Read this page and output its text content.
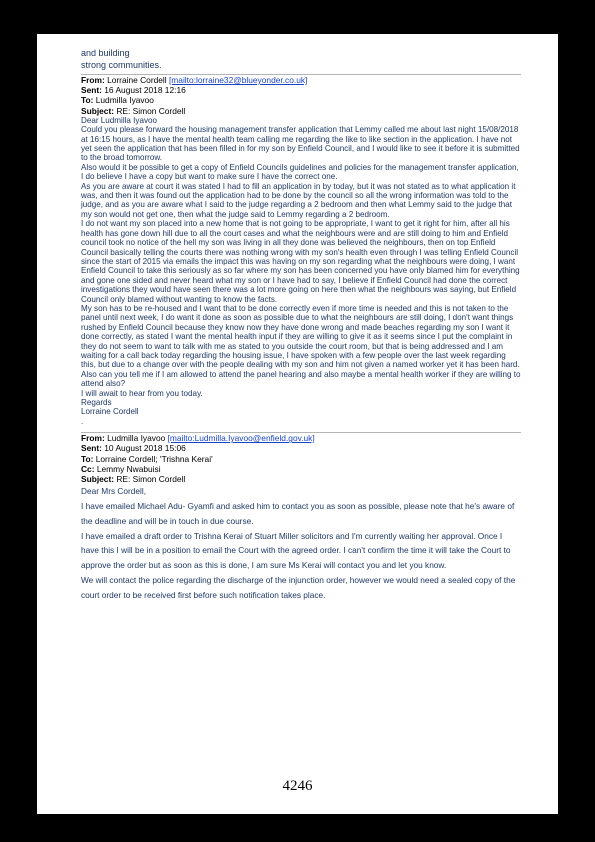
and building
strong communities.
From: Lorraine Cordell [mailto:lorraine32@blueyonder.co.uk]
Sent: 16 August 2018 12:16
To: Ludmilla Iyavoo
Subject: RE: Simon Cordell

Dear Ludmilla Iyavoo

Could you please forward the housing management transfer application that Lemmy called me about last night 15/08/2018 at 16:15 hours, as I have the mental health team calling me regarding the like to like section in the application. I have not yet seen the application that has been filled in for my son by Enfield Council, and I would like to see it before it is submitted to the broad tomorrow.

Also would it be possible to get a copy of Enfield Councils guidelines and policies for the management transfer application, I do believe I have a copy but want to make sure I have the correct one.

As you are aware at court it was stated I had to fill an application in by today, but it was not stated as to what application it was, and then it was found out the application had to be done by the council so all the wrong information was told to the judge, and as you are aware what I said to the judge regarding a 2 bedroom and then what Lemmy said to the judge that my son would not get one, then what the judge said to Lemmy regarding a 2 bedroom.

I do not want my son placed into a new home that is not going to be appropriate, I want to get it right for him, after all his health has gone down hill due to all the court cases and what the neighbours were and are still doing to him and Enfield council took no notice of the hell my son was living in all they done was believed the neighbours, then on top Enfield Council basically telling the courts there was nothing wrong with my son's health even through I was telling Enfield Council since the start of 2015 via emails the impact this was having on my son regarding what the neighbours were doing, I want Enfield Council to take this seriously as so far where my son has been concerned you have only blamed him for everything and gone one sided and never heard what my son or I have had to say, I believe if Enfield Council had done the correct investigations they would have seen there was a lot more going on here then what the neighbours was saying, but Enfield Council only blamed without wanting to know the facts.

My son has to be re-housed and I want that to be done correctly even if more time is needed and this is not taken to the panel until next week, I do want it done as soon as possible due to what the neighbours are still doing, I don't want things rushed by Enfield Council because they know now they have done wrong and made beaches regarding my son I want it done correctly, as stated I want the mental health input if they are willing to give it as it seems since I put the complaint in they do not seem to want to talk with me as stated to you outside the court room, but that is being addressed and I am waiting for a call back today regarding the housing issue, I have spoken with a few people over the last week regarding this, but due to a change over with the people dealing with my son and him not given a named worker yet it has been hard.

Also can you tell me if I am allowed to attend the panel hearing and also maybe a mental health worker if they are willing to attend also?

I will await to hear from you today.

Regards

Lorraine Cordell

.

From: Ludmilla Iyavoo [mailto:Ludmilla.Iyavoo@enfield.gov.uk]
Sent: 10 August 2018 15:06
To: Lorraine Cordell; 'Trishna Kerai'
Cc: Lemmy Nwabuisi
Subject: RE: Simon Cordell

Dear Mrs Cordell,

I have emailed Michael Adu- Gyamfi and asked him to contact you as soon as possible, please note that he's aware of the deadline and will be in touch in due course.

I have emailed a draft order to Trishna Kerai of Stuart Miller solicitors and I'm currently waiting her approval. Once I have this I will be in a position to email the Court with the agreed order. I can't confirm the time it will take the Court to approve the order but as soon as this is done, I am sure Ms Kerai will contact you and let you know.

We will contact the police regarding the discharge of the injunction order, however we would need a sealed copy of the court order to be received first before such notification takes place.

4246
